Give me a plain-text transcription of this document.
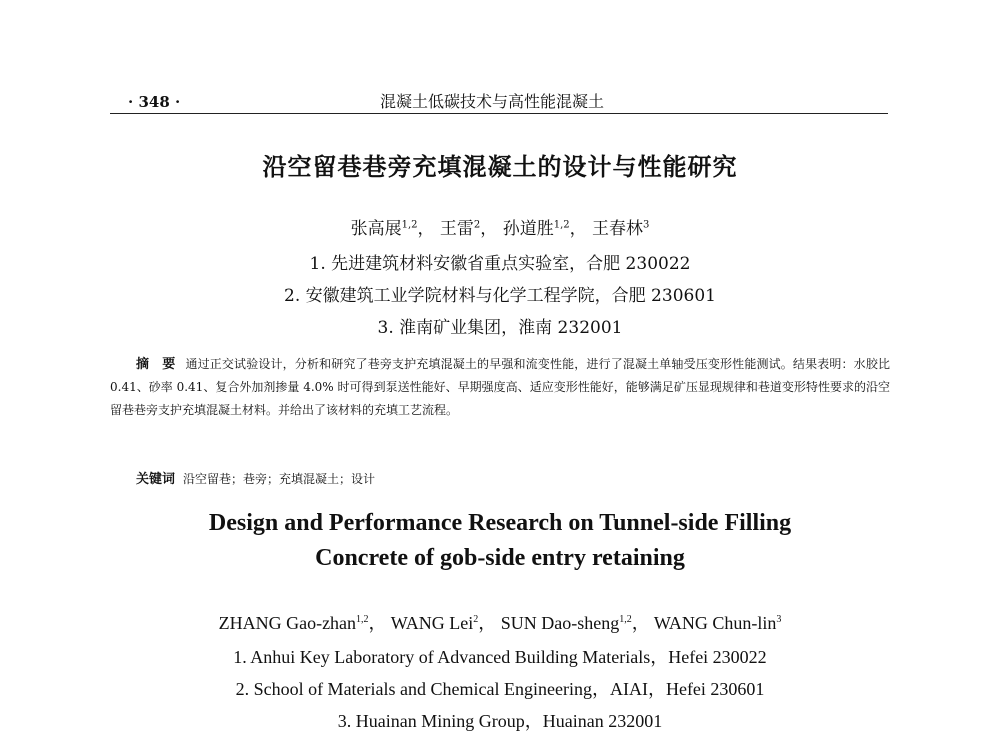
· 348 ·	混凝土低碳技术与高性能混凝土
沿空留巷巷旁充填混凝土的设计与性能研究
张高展$^{1,2}$， 王雷$^2$， 孙道胜$^{1,2}$， 王春林$^3$
1. 先进建筑材料安徽省重点实验室，合肥 230022
2. 安徽建筑工业学院材料与化学工程学院，合肥 230601
3. 淮南矿业集团，淮南 232001
摘　要 通过正交试验设计，分析和研究了巷旁支护充填混凝土的早强和流变性能，进行了混凝土单轴受压变形性能测试。结果表明：水胶比 0.41、砂率 0.41、复合外加剂掺量 4.0% 时可得到泵送性能好、早期强度高、适应变形性能好，能够满足矿压显现规律和巷道变形特性要求的沿空留巷巷旁支护充填混凝土材料。并给出了该材料的充填工艺流程。
关键词 沿空留巷；巷旁；充填混凝土；设计
Design and Performance Research on Tunnel-side Filling
Concrete of gob-side entry retaining
ZHANG Gao-zhan$^{1,2}$， WANG Lei$^2$， SUN Dao-sheng$^{1,2}$， WANG Chun-lin$^3$
1. Anhui Key Laboratory of Advanced Building Materials，Hefei 230022
2. School of Materials and Chemical Engineering，AIAI，Hefei 230601
3. Huainan Mining Group，Huainan 232001
